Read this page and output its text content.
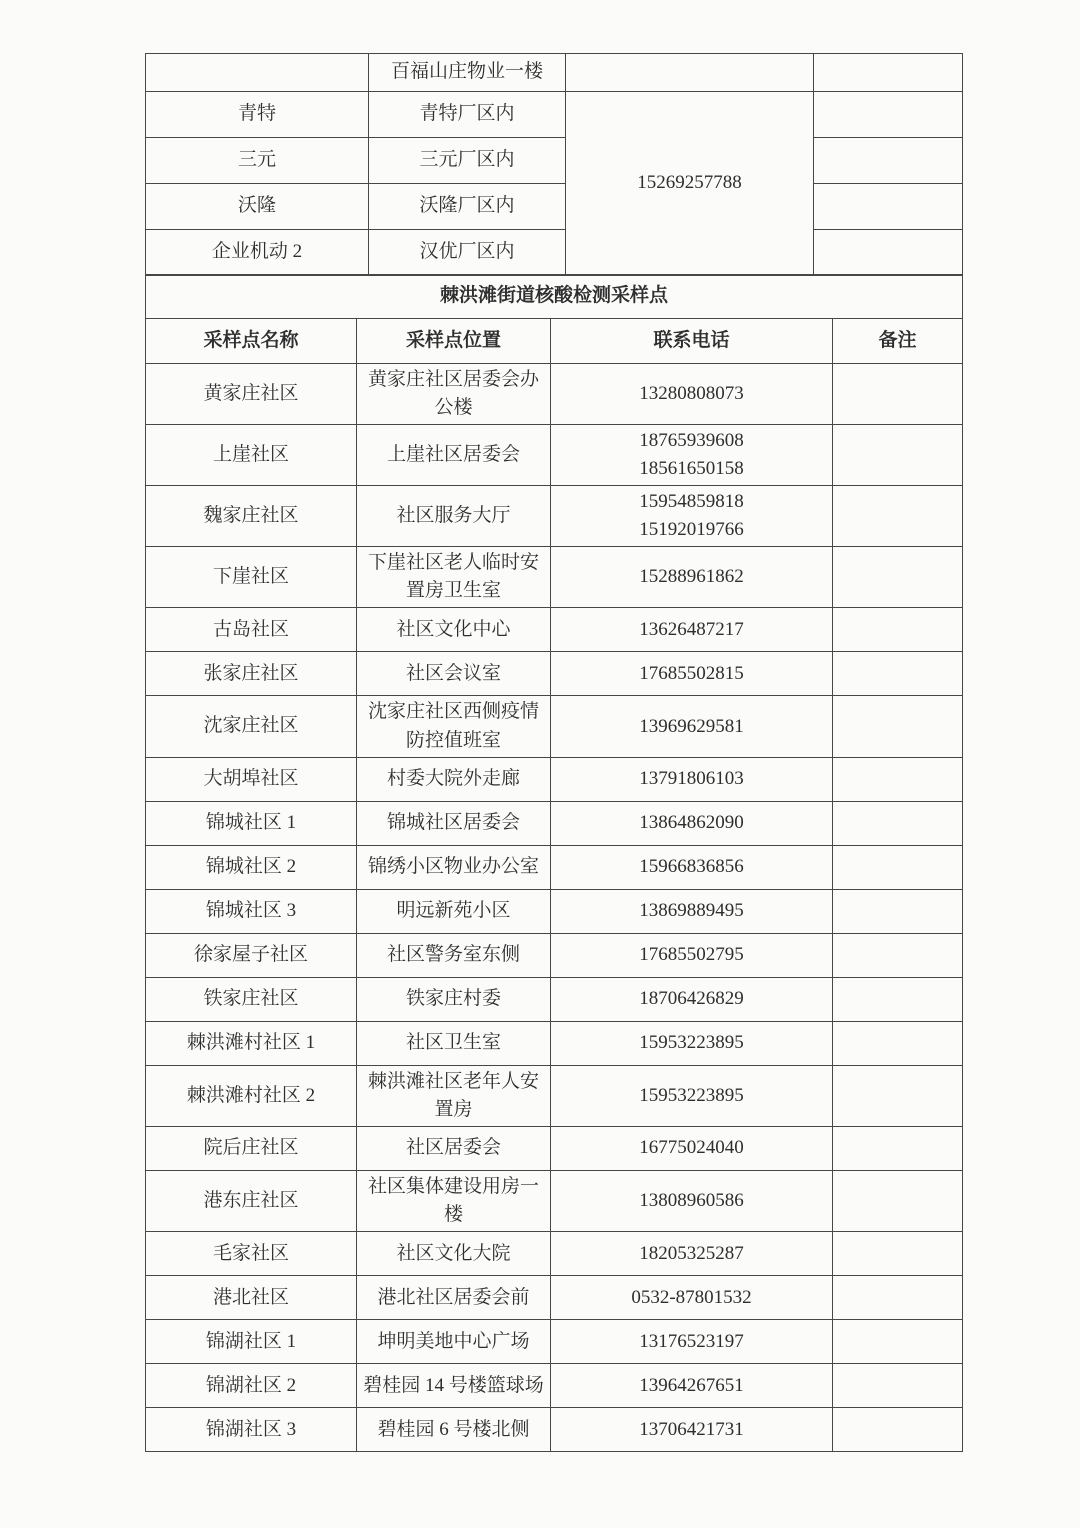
	百福山庄物业一楼		
青特	青特厂区内	15269257788	
三元	三元厂区内		
沃隆	沃隆厂区内		
企业机动 2	汉优厂区内		
棘洪滩街道核酸检测采样点			
采样点名称	采样点位置	联系电话	备注
黄家庄社区	黄家庄社区居委会办公楼	13280808073	

上崖社区	上崖社区居委会	18765939608
18561650158	

魏家庄社区	社区服务大厅	15954859818
15192019766	

下崖社区	下崖社区老人临时安置房卫生室	15288961862	

古岛社区	社区文化中心	13626487217	

张家庄社区	社区会议室	17685502815	

沈家庄社区	沈家庄社区西侧疫情防控值班室	13969629581	

大胡埠社区	村委大院外走廊	13791806103	

锦城社区 1	锦城社区居委会	13864862090	

锦城社区 2	锦绣小区物业办公室	15966836856	

锦城社区 3	明远新苑小区	13869889495	

徐家屋子社区	社区警务室东侧	17685502795	

铁家庄社区	铁家庄村委	18706426829	

棘洪滩村社区 1	社区卫生室	15953223895	

棘洪滩村社区 2	棘洪滩社区老年人安置房	15953223895	

院后庄社区	社区居委会	16775024040	

港东庄社区	社区集体建设用房一楼	13808960586	

毛家社区	社区文化大院	18205325287	

港北社区	港北社区居委会前	0532-87801532	

锦湖社区 1	坤明美地中心广场	13176523197	

锦湖社区 2	碧桂园 14 号楼篮球场	13964267651	

锦湖社区 3	碧桂园 6 号楼北侧	13706421731	
